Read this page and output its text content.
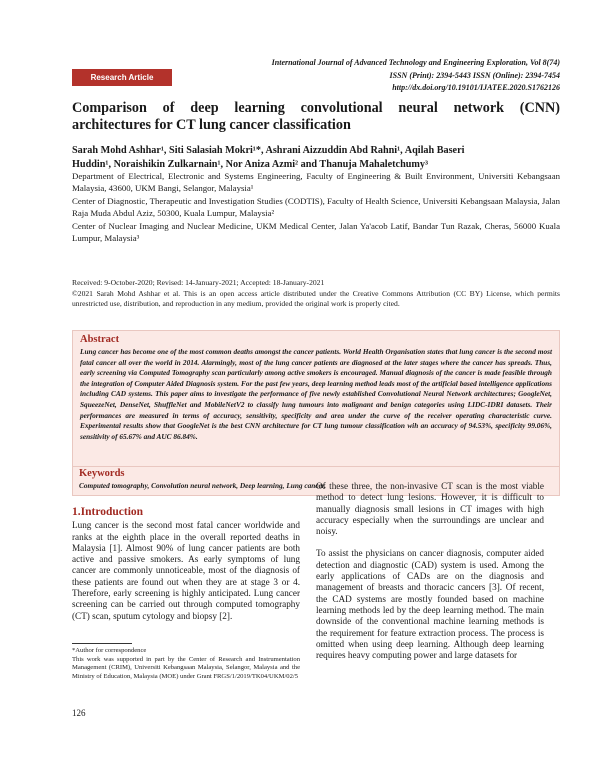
International Journal of Advanced Technology and Engineering Exploration, Vol 8(74)
ISSN (Print): 2394-5443 ISSN (Online): 2394-7454
http://dx.doi.org/10.19101/IJATEE.2020.S1762126
Research Article
Comparison of deep learning convolutional neural network (CNN)
architectures for CT lung cancer classification
Sarah Mohd Ashhar¹, Siti Salasiah Mokri¹*, Ashrani Aizzuddin Abd Rahni¹, Aqilah Baseri
Huddin¹, Noraishikin Zulkarnain¹, Nor Aniza Azmi² and Thanuja Mahaletchumy³

Department of Electrical, Electronic and Systems Engineering, Faculty of Engineering & Built Environment, Universiti Kebangsaan Malaysia, 43600, UKM Bangi, Selangor, Malaysia¹

Center of Diagnostic, Therapeutic and Investigation Studies (CODTIS), Faculty of Health Science, Universiti Kebangsaan Malaysia, Jalan Raja Muda Abdul Aziz, 50300, Kuala Lumpur, Malaysia²

Center of Nuclear Imaging and Nuclear Medicine, UKM Medical Center, Jalan Ya'acob Latif, Bandar Tun Razak, Cheras, 56000 Kuala Lumpur, Malaysia³

Received: 9-October-2020; Revised: 14-January-2021; Accepted: 18-January-2021

©2021 Sarah Mohd Ashhar et al. This is an open access article distributed under the Creative Commons Attribution (CC BY) License, which permits unrestricted use, distribution, and reproduction in any medium, provided the original work is properly cited.

Abstract

Lung cancer has become one of the most common deaths amongst the cancer patients. World Health Organisation states that lung cancer is the second most fatal cancer all over the world in 2014. Alarmingly, most of the lung cancer patients are diagnosed at the later stages where the cancer has spreads. Thus, early screening via Computed Tomography scan particularly among active smokers is encouraged. Manual diagnosis of the cancer is made feasible through the integration of Computer Aided Diagnosis system. For the past few years, deep learning method leads most of the artificial based intelligence applications including CAD systems. This paper aims to investigate the performance of five newly established Convolutional Neural Network architectures; GoogleNet, SqueezeNet, DenseNet, ShuffleNet and MobileNetV2 to classify lung tumours into malignant and benign categories using LIDC-IDRI datasets. Their performances are measured in terms of accuracy, sensitivity, specificity and area under the curve of the receiver operating characteristic curve. Experimental results show that GoogleNet is the best CNN architecture for CT lung tumour classification wih an accuracy of 94.53%, specificity 99.06%, sensitivity of 65.67% and AUC 86.84%.

Keywords
Computed tomography, Convolution neural network, Deep learning, Lung cancer.
1.Introduction

Lung cancer is the second most fatal cancer worldwide and ranks at the eighth place in the overall reported deaths in Malaysia [1]. Almost 90% of lung cancer patients are both active and passive smokers. As early symptoms of lung cancer are commonly unnoticeable, most of the diagnosis of these patients are found out when they are at stage 3 or 4. Therefore, early screening is highly anticipated. Lung cancer screening can be carried out through computed tomography (CT) scan, sputum cytology and biopsy [2].

Of these three, the non-invasive CT scan is the most viable method to detect lung lesions. However, it is difficult to manually diagnosis small lesions in CT images with high accuracy especially when the surroundings are unclear and noisy.

To assist the physicians on cancer diagnosis, computer aided detection and diagnostic (CAD) system is used. Among the early applications of CADs are on the diagnosis and management of breasts and thoracic cancers [3]. Of recent, the CAD systems are mostly founded based on machine learning methods led by the deep learning method. The main downside of the conventional machine learning methods is the requirement for feature extraction process. The process is omitted when using deep learning. Although deep learning requires heavy computing power and large datasets for

*Author for correspondence

This work was supported in part by the Center of Research and Instrumentation Management (CRIM), Universiti Kebangsaan Malaysia, Selangor, Malaysia and the Ministry of Education, Malaysia (MOE) under Grant FRGS/1/2019/TK04/UKM/02/5

126
